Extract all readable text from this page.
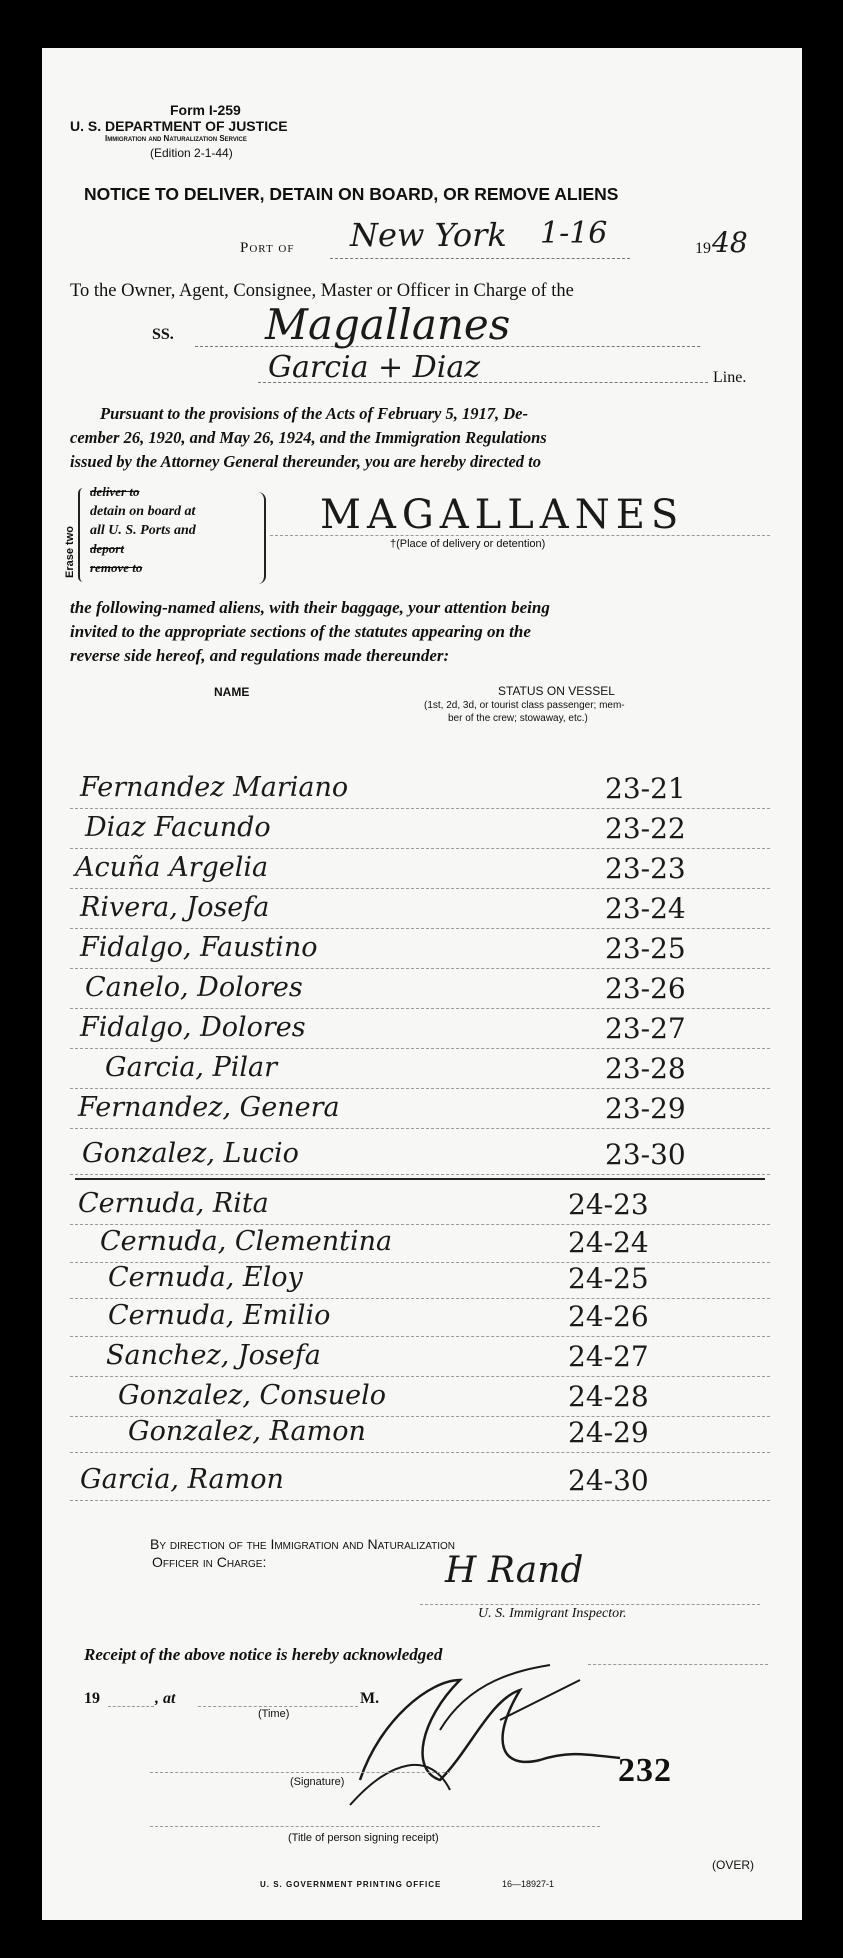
Form I-259
U. S. DEPARTMENT OF JUSTICE
Immigration and Naturalization Service
(Edition 2-1-44)
NOTICE TO DELIVER, DETAIN ON BOARD, OR REMOVE ALIENS
Port of New York 1-16	19 48
To the Owner, Agent, Consignee, Master or Officer in Charge of the
SS. Magallanes
Garcia + Diaz	Line.
Pursuant to the provisions of the Acts of February 5, 1917, De-
cember 26, 1920, and May 26, 1924, and the Immigration Regulations
issued by the Attorney General thereunder, you are hereby directed to
Erase two
deliver to
detain on board at
all U. S. Ports and
deport
remove to
MAGALLANES
†(Place of delivery or detention)
the following-named aliens, with their baggage, your attention being
invited to the appropriate sections of the statutes appearing on the
reverse side hereof, and regulations made thereunder:
NAME	STATUS ON VESSEL
(1st, 2d, 3d, or tourist class passenger; mem-
ber of the crew; stowaway, etc.)
Fernandez Mariano	23-21
Diaz Facundo	23-22
Acuña Argelia	23-23
Rivera, Josefa	23-24
Fidalgo, Faustino	23-25
Canelo, Dolores	23-26
Fidalgo, Dolores	23-27
Garcia, Pilar	23-28
Fernandez, Genera	23-29
Gonzalez, Lucio	23-30
Cernuda, Rita	24-23
Cernuda, Clementina	24-24
Cernuda, Eloy	24-25
Cernuda, Emilio	24-26
Sanchez, Josefa	24-27
Gonzalez, Consuelo	24-28
Gonzalez, Ramon	24-29
Garcia, Ramon	24-30
By direction of the Immigration and Naturalization
Officer in Charge:	H Rand
U. S. Immigrant Inspector.
Receipt of the above notice is hereby acknowledged
19	, at	M.
(Time)
232
(Signature)
(Title of person signing receipt)
U. S. GOVERNMENT PRINTING OFFICE	16—18927-1
(OVER)
